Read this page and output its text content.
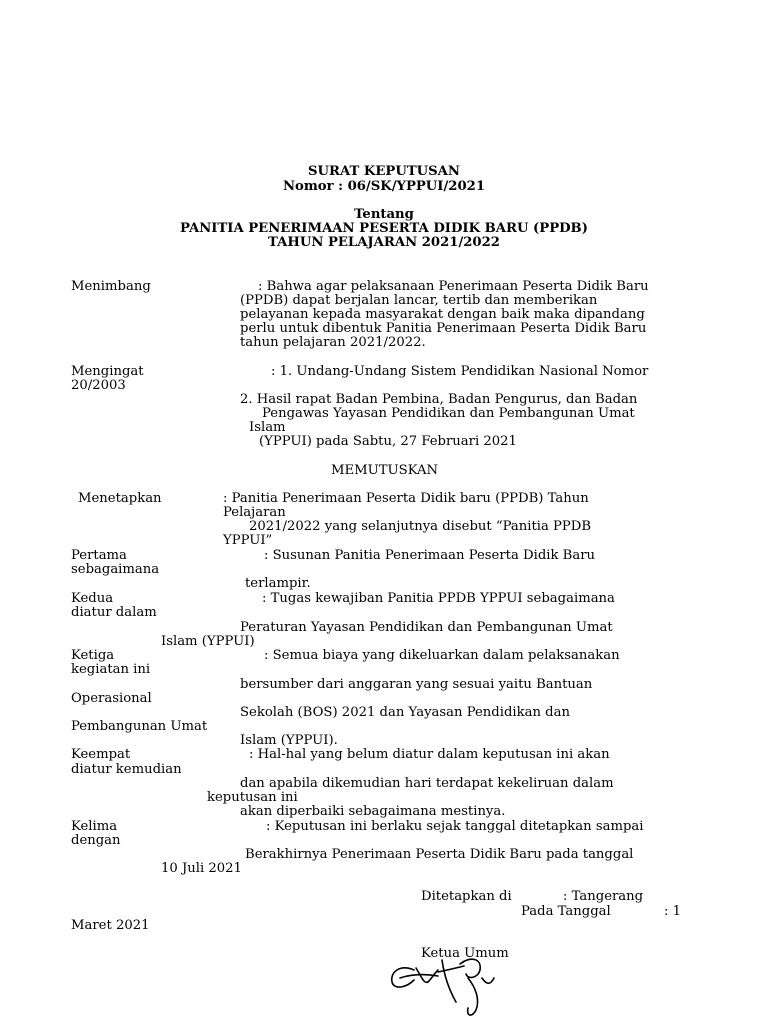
SURAT KEPUTUSAN
Nomor : 06/SK/YPPUI/2021
Tentang
PANITIA PENERIMAAN PESERTA DIDIK BARU (PPDB)
TAHUN PELAJARAN 2021/2022
Menimbang	: Bahwa agar pelaksanaan Penerimaan Peserta Didik Baru
(PPDB) dapat berjalan lancar, tertib dan memberikan
pelayanan kepada masyarakat dengan baik maka dipandang
perlu untuk dibentuk Panitia Penerimaan Peserta Didik Baru
tahun pelajaran 2021/2022.
Mengingat	: 1. Undang-Undang Sistem Pendidikan Nasional Nomor
20/2003
2. Hasil rapat Badan Pembina, Badan Pengurus, dan Badan
Pengawas Yayasan Pendidikan dan Pembangunan Umat
Islam
(YPPUI) pada Sabtu, 27 Februari 2021
MEMUTUSKAN
Menetapkan	: Panitia Penerimaan Peserta Didik baru (PPDB) Tahun
Pelajaran
2021/2022 yang selanjutnya disebut “Panitia PPDB
YPPUI”
Pertama	: Susunan Panitia Penerimaan Peserta Didik Baru
sebagaimana
terlampir.
Kedua	: Tugas kewajiban Panitia PPDB YPPUI sebagaimana
diatur dalam
Peraturan Yayasan Pendidikan dan Pembangunan Umat
Islam (YPPUI)
Ketiga	: Semua biaya yang dikeluarkan dalam pelaksanakan
kegiatan ini
bersumber dari anggaran yang sesuai yaitu Bantuan
Operasional
Sekolah (BOS) 2021 dan Yayasan Pendidikan dan
Pembangunan Umat
Islam (YPPUI).
Keempat	: Hal-hal yang belum diatur dalam keputusan ini akan
diatur kemudian
dan apabila dikemudian hari terdapat kekeliruan dalam
keputusan ini
akan diperbaiki sebagaimana mestinya.
Kelima	: Keputusan ini berlaku sejak tanggal ditetapkan sampai
dengan
Berakhirnya Penerimaan Peserta Didik Baru pada tanggal
10 Juli 2021
Ditetapkan di	: Tangerang
Pada Tanggal	: 1
Maret 2021
Ketua Umum
